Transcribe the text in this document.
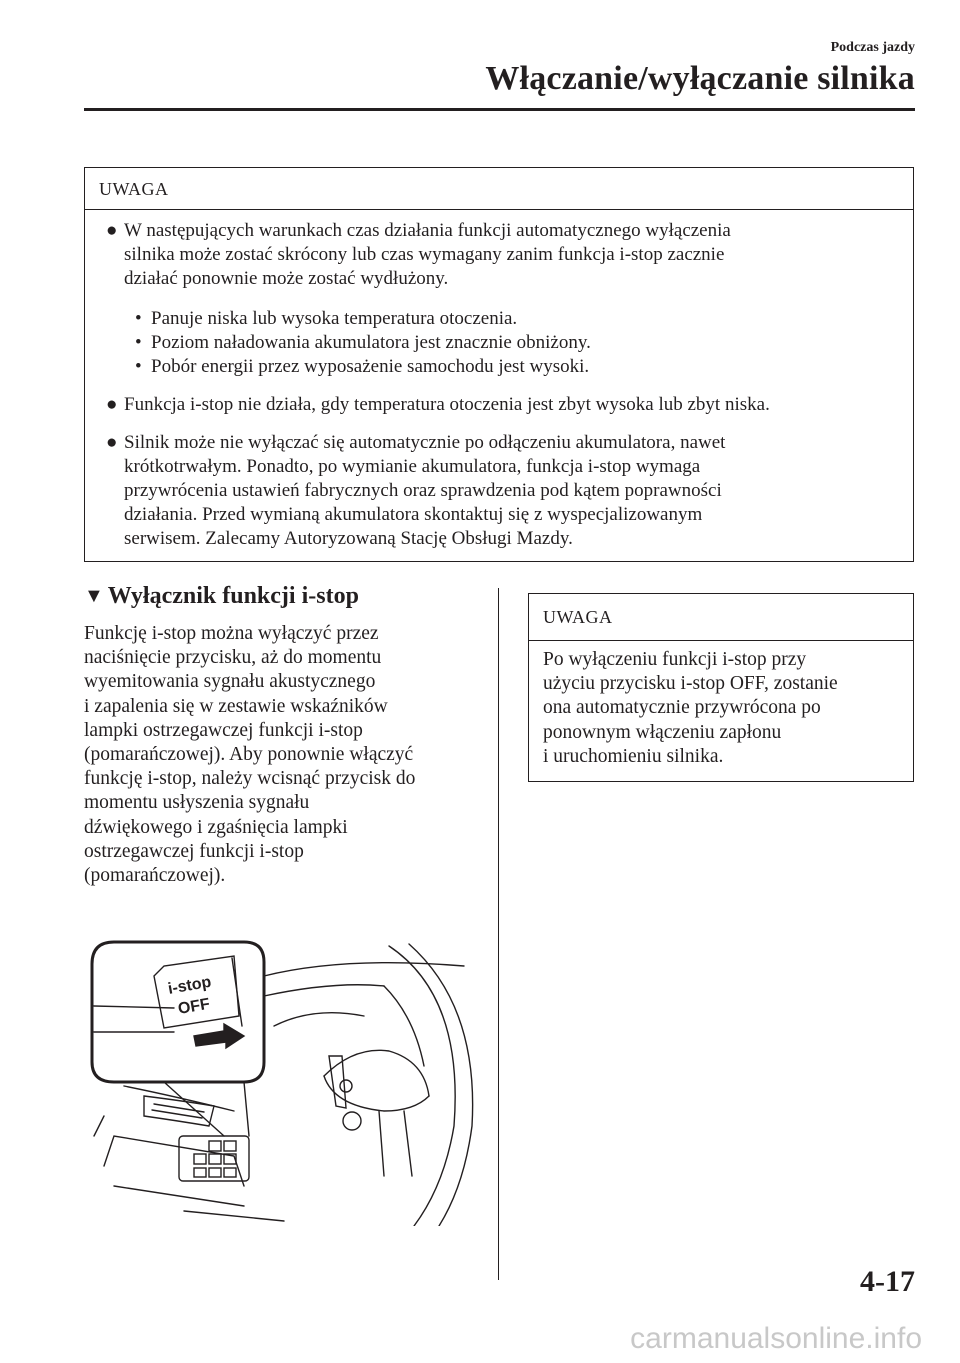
Podczas jazdy
Włączanie/wyłączanie silnika
UWAGA
● W następujących warunkach czas działania funkcji automatycznego wyłączenia
silnika może zostać skrócony lub czas wymagany zanim funkcja i-stop zacznie
działać ponownie może zostać wydłużony.
• Panuje niska lub wysoka temperatura otoczenia.
• Poziom naładowania akumulatora jest znacznie obniżony.
• Pobór energii przez wyposażenie samochodu jest wysoki.
● Funkcja i-stop nie działa, gdy temperatura otoczenia jest zbyt wysoka lub zbyt niska.
● Silnik może nie wyłączać się automatycznie po odłączeniu akumulatora, nawet
krótkotrwałym. Ponadto, po wymianie akumulatora, funkcja i-stop wymaga
przywrócenia ustawień fabrycznych oraz sprawdzenia pod kątem poprawności
działania. Przed wymianą akumulatora skontaktuj się z wyspecjalizowanym
serwisem. Zalecamy Autoryzowaną Stację Obsługi Mazdy.
▼ Wyłącznik funkcji i-stop
Funkcję i-stop można wyłączyć przez
naciśnięcie przycisku, aż do momentu
wyemitowania sygnału akustycznego
i zapalenia się w zestawie wskaźników
lampki ostrzegawczej funkcji i-stop
(pomarańczowej). Aby ponownie włączyć
funkcję i-stop, należy wcisnąć przycisk do
momentu usłyszenia sygnału
dźwiękowego i zgaśnięcia lampki
ostrzegawczej funkcji i-stop
(pomarańczowej).
UWAGA
Po wyłączeniu funkcji i-stop przy
użyciu przycisku i-stop OFF, zostanie
ona automatycznie przywrócona po
ponownym włączeniu zapłonu
i uruchomieniu silnika.
i-stop
OFF
4-17
carmanualsonline.info
